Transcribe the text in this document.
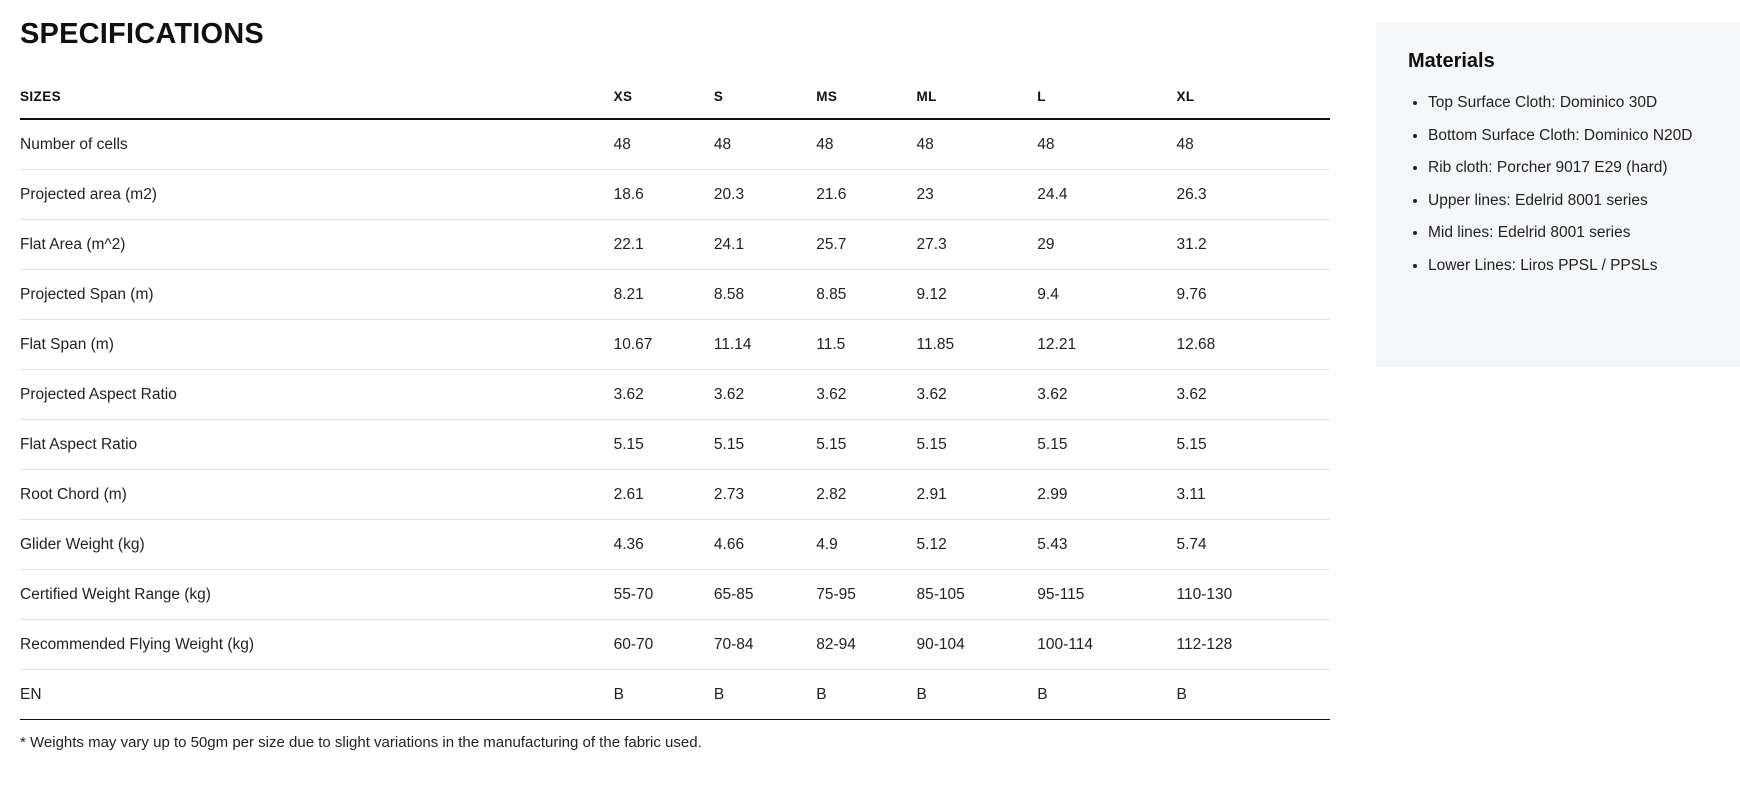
SPECIFICATIONS
SIZES	XS	S	MS	ML	L	XL
Number of cells	48	48	48	48	48	48
Projected area (m2)	18.6	20.3	21.6	23	24.4	26.3
Flat Area (m^2)	22.1	24.1	25.7	27.3	29	31.2
Projected Span (m)	8.21	8.58	8.85	9.12	9.4	9.76
Flat Span (m)	10.67	11.14	11.5	11.85	12.21	12.68
Projected Aspect Ratio	3.62	3.62	3.62	3.62	3.62	3.62
Flat Aspect Ratio	5.15	5.15	5.15	5.15	5.15	5.15
Root Chord (m)	2.61	2.73	2.82	2.91	2.99	3.11
Glider Weight (kg)	4.36	4.66	4.9	5.12	5.43	5.74
Certified Weight Range (kg)	55-70	65-85	75-95	85-105	95-115	110-130
Recommended Flying Weight (kg)	60-70	70-84	82-94	90-104	100-114	112-128
EN	B	B	B	B	B	B
* Weights may vary up to 50gm per size due to slight variations in the manufacturing of the fabric used.
Materials
• Top Surface Cloth: Dominico 30D
• Bottom Surface Cloth: Dominico N20D
• Rib cloth: Porcher 9017 E29 (hard)
• Upper lines: Edelrid 8001 series
• Mid lines: Edelrid 8001 series
• Lower Lines: Liros PPSL / PPSLs
